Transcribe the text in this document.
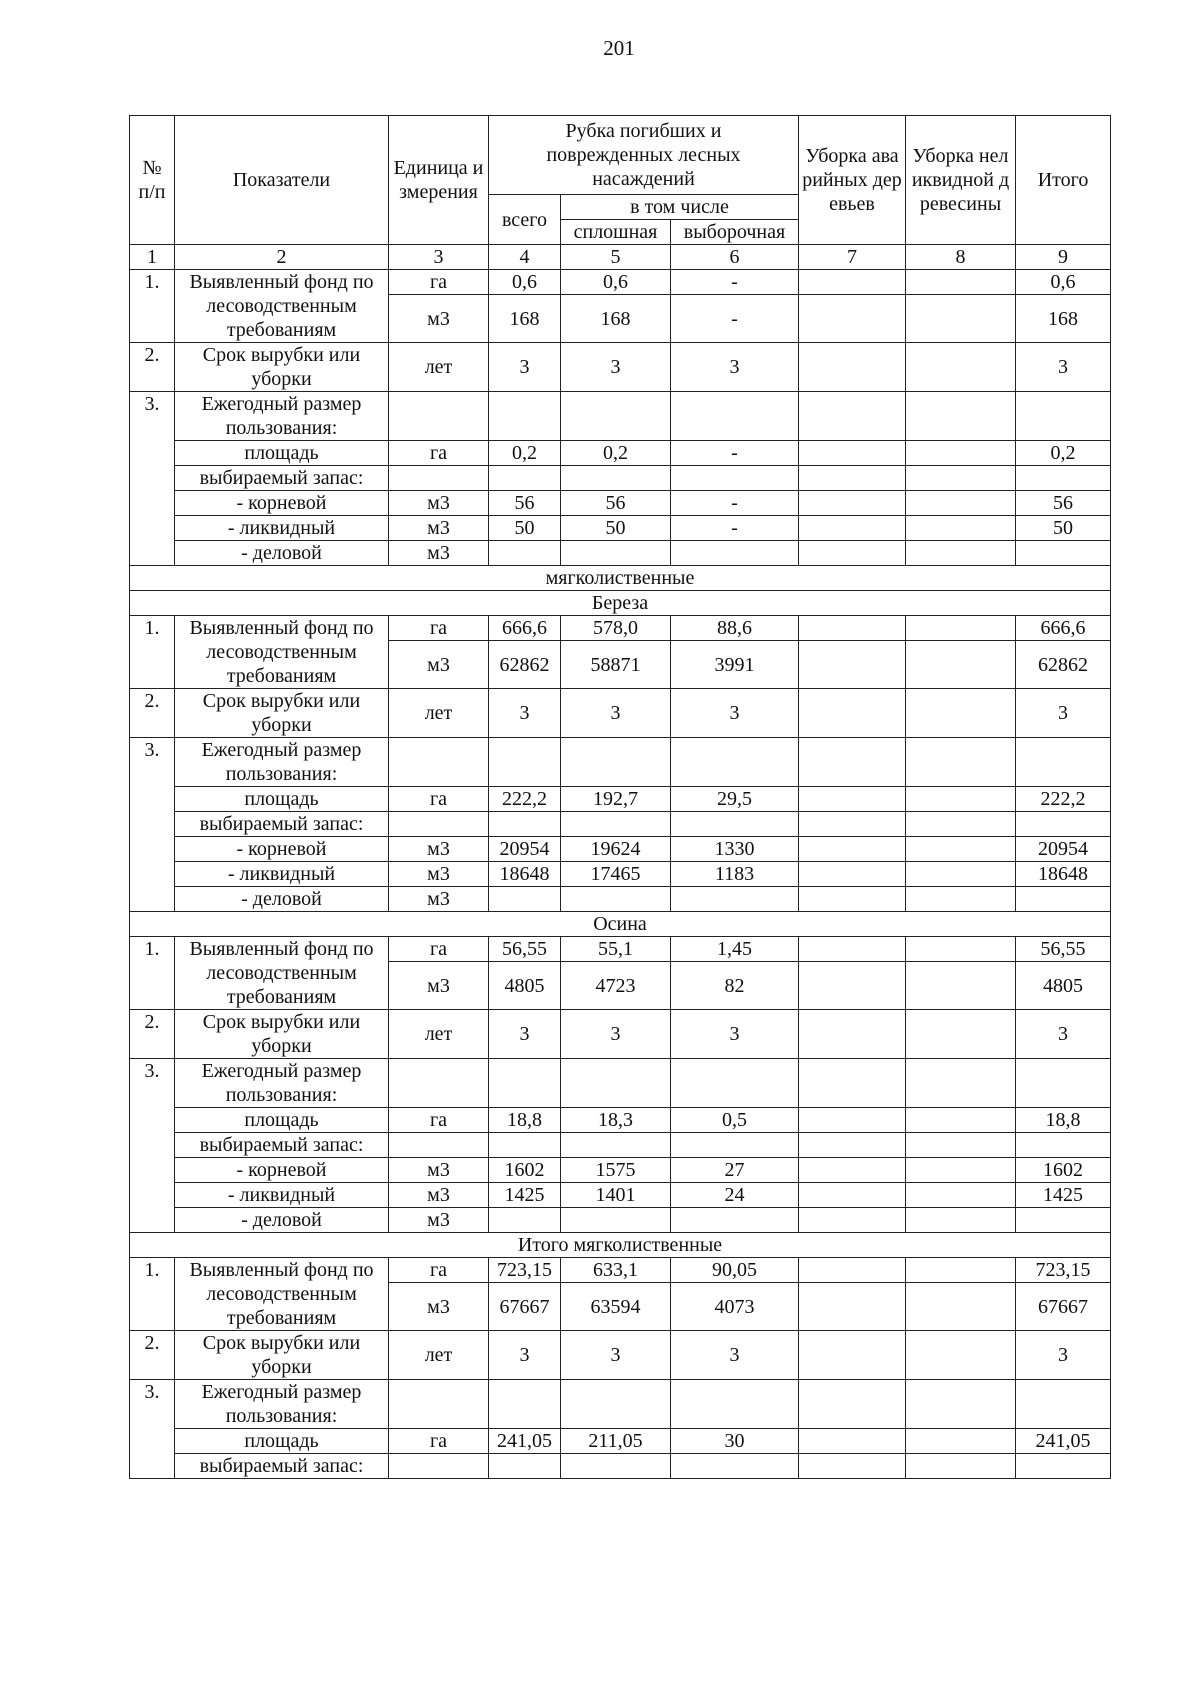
201
№ п/п	Показатели	Единица измерения	Рубка погибших и поврежденных лесных насаждений			Уборка аварийных деревьев	Уборка неликвидной древесины	Итого
			всего	в том числе				
				сплошная	выборочная			
1	2	3	4	5	6	7	8	9
1.	Выявленный фонд по лесоводственным требованиям	га	0,6	0,6	-			0,6
		м3	168	168	-			168
2.	Срок вырубки или уборки	лет	3	3	3			3
3.	Ежегодный размер пользования:							
	площадь	га	0,2	0,2	-			0,2
	выбираемый запас:							
	- корневой	м3	56	56	-			56
	- ликвидный	м3	50	50	-			50
	- деловой	м3						
мягколиственные								
Береза								
1.	Выявленный фонд по лесоводственным требованиям	га	666,6	578,0	88,6			666,6
		м3	62862	58871	3991			62862
2.	Срок вырубки или уборки	лет	3	3	3			3
3.	Ежегодный размер пользования:							
	площадь	га	222,2	192,7	29,5			222,2
	выбираемый запас:							
	- корневой	м3	20954	19624	1330			20954
	- ликвидный	м3	18648	17465	1183			18648
	- деловой	м3						
Осина								
1.	Выявленный фонд по лесоводственным требованиям	га	56,55	55,1	1,45			56,55
		м3	4805	4723	82			4805
2.	Срок вырубки или уборки	лет	3	3	3			3
3.	Ежегодный размер пользования:							
	площадь	га	18,8	18,3	0,5			18,8
	выбираемый запас:							
	- корневой	м3	1602	1575	27			1602
	- ликвидный	м3	1425	1401	24			1425
	- деловой	м3						
Итого мягколиственные								
1.	Выявленный фонд по лесоводственным требованиям	га	723,15	633,1	90,05			723,15
		м3	67667	63594	4073			67667
2.	Срок вырубки или уборки	лет	3	3	3			3
3.	Ежегодный размер пользования:							
	площадь	га	241,05	211,05	30			241,05
	выбираемый запас:							
